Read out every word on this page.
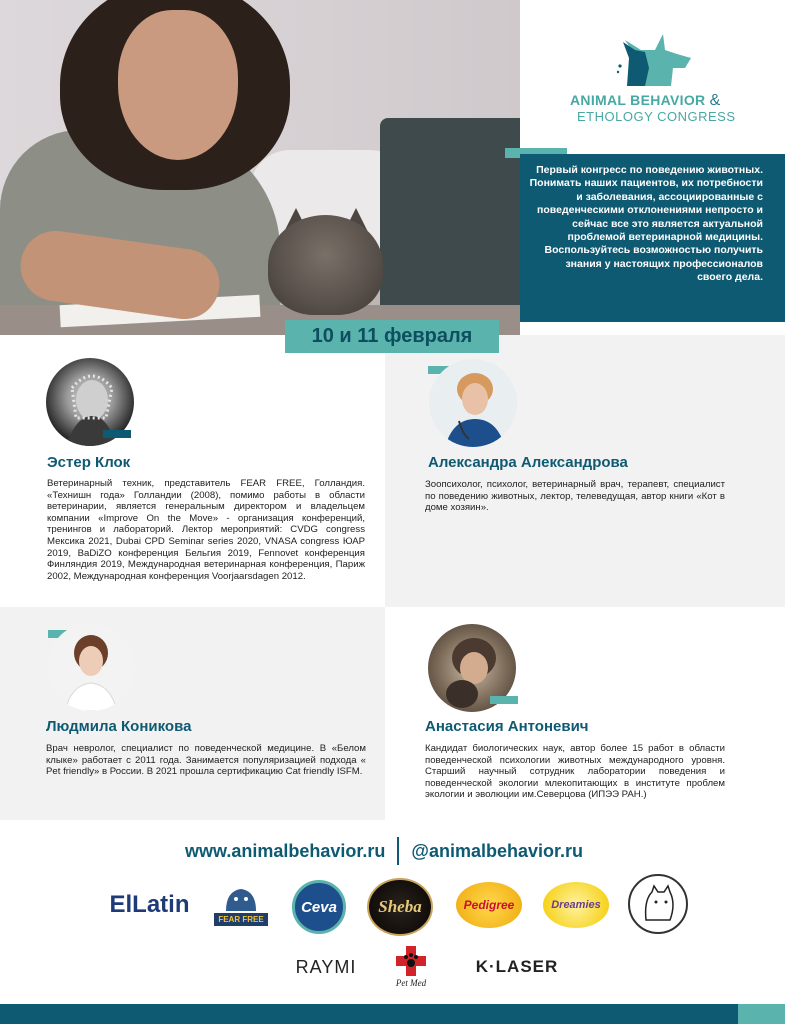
ANIMAL BEHAVIOR &
ETHOLOGY CONGRESS
Первый конгресс по поведению животных. Понимать наших пациентов, их потребности и заболевания, ассоциированные с поведенческими отклонениями непросто и сейчас все это является актуальной проблемой ветеринарной медицины. Воспользуйтесь возможностью получить знания у настоящих профессионалов своего дела.
Эстер Клок
Ветеринарный техник, представитель FEAR FREE, Голландия. «Технишн года» Голландии (2008), помимо работы в области ветеринарии, является генеральным директором и владельцем компании «Improve On the Move» - организация конференций, тренингов и лабораторий. Лектор мероприятий: CVDG congress Мексика 2021, Dubai CPD Seminar series 2020, VNASA congress ЮАР 2019, BaDiZO конференция Бельгия 2019, Fennovet конференция Финляндия 2019, Международная ветеринарная конференция, Париж 2002, Международная конференция Voorjaarsdagen 2012.
Александра Александрова
Зоопсихолог, психолог, ветеринарный врач, терапевт, специалист по поведению животных, лектор, телеведущая, автор книги «Кот в доме хозяин».
Людмила Коникова
Врач невролог, специалист по поведенческой медицине. В «Белом клыке» работает с 2011 года. Занимается популяризацией подхода « Pet friendly» в России. В 2021 прошла сертификацию Cat friendly ISFM.
Анастасия Антоневич
Кандидат биологических наук, автор более 15 работ в области поведенческой психологии животных международного уровня. Старший научный сотрудник лаборатории поведения и поведенческой экологии млекопитающих в институте проблем экологии и эволюции им.Северцова (ИПЭЭ РАН.)
10 и 11 февраля
www.animalbehavior.ru @animalbehavior.ru
ElLatin
FEAR FREE
Ceva	Sheba	Pedigree	Dreamies
RAYMI
Pet Med
K·LASER
